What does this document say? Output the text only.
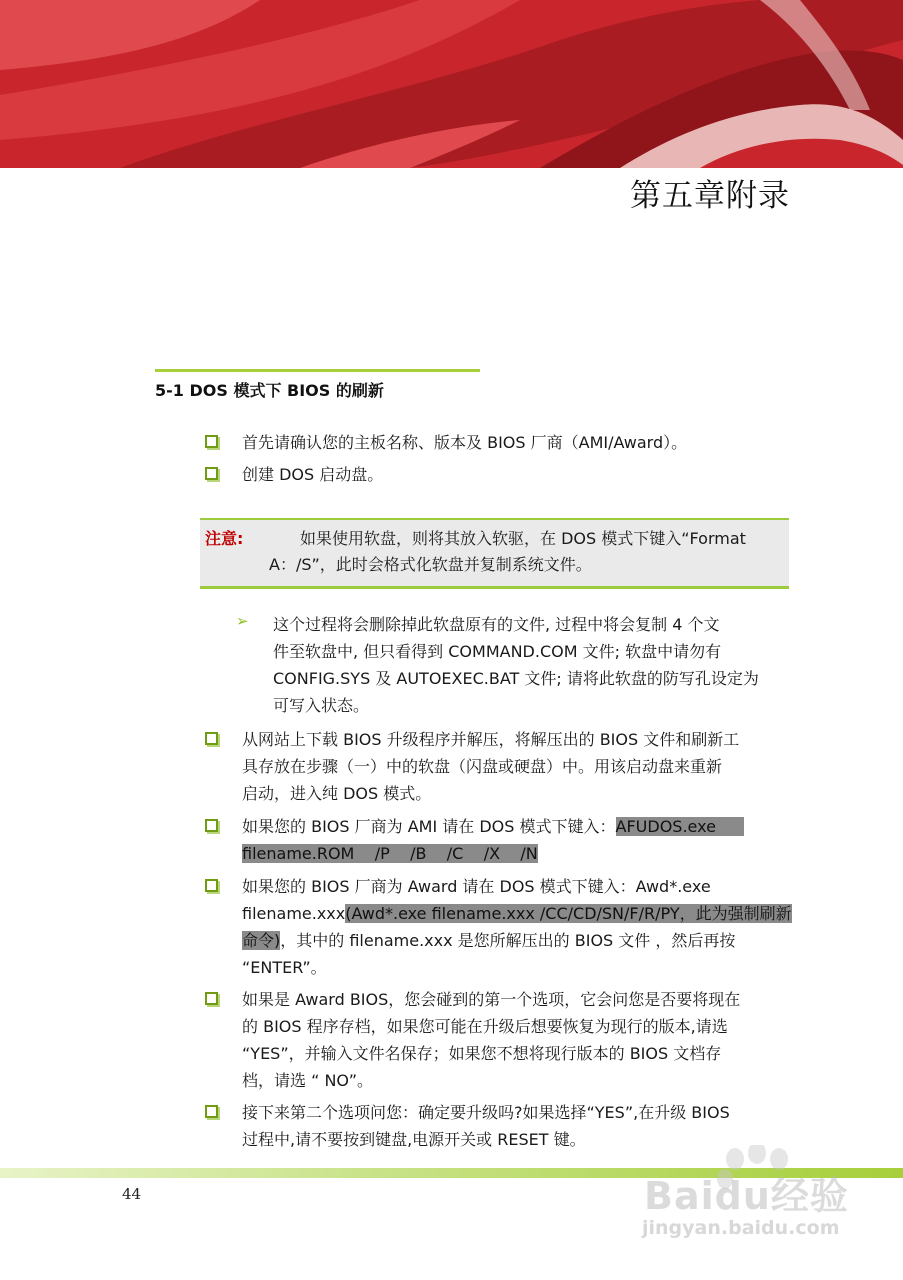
第五章附录
5-1 DOS 模式下 BIOS 的刷新
首先请确认您的主板名称、版本及 BIOS 厂商（AMI/Award）。
创建 DOS 启动盘。
注意:	如果使用软盘，则将其放入软驱，在 DOS 模式下键入“Format
A：/S”，此时会格式化软盘并复制系统文件。
➢ 这个过程将会删除掉此软盘原有的文件, 过程中将会复制 4 个文
件至软盘中, 但只看得到 COMMAND.COM 文件; 软盘中请勿有
CONFIG.SYS 及 AUTOEXEC.BAT 文件; 请将此软盘的防写孔设定为
可写入状态。
从网站上下载 BIOS 升级程序并解压，将解压出的 BIOS 文件和刷新工
具存放在步骤（一）中的软盘（闪盘或硬盘）中。用该启动盘来重新
启动，进入纯 DOS 模式。
如果您的 BIOS 厂商为 AMI 请在 DOS 模式下键入：AFUDOS.exe
filename.ROM    /P    /B    /C    /X    /N
如果您的 BIOS 厂商为 Award 请在 DOS 模式下键入：Awd*.exe
filename.xxx(Awd*.exe filename.xxx /CC/CD/SN/F/R/PY，此为强制刷新
命令)，其中的 filename.xxx 是您所解压出的 BIOS 文件 ，然后再按
“ENTER”。
如果是 Award BIOS，您会碰到的第一个选项，它会问您是否要将现在
的 BIOS 程序存档，如果您可能在升级后想要恢复为现行的版本,请选
“YES”，并输入文件名保存；如果您不想将现行版本的 BIOS 文档存
档，请选 “ NO”。
接下来第二个选项问您：确定要升级吗?如果选择“YES”,在升级 BIOS
过程中,请不要按到键盘,电源开关或 RESET 键。
44	Baidu经验
jingyan.baidu.com
